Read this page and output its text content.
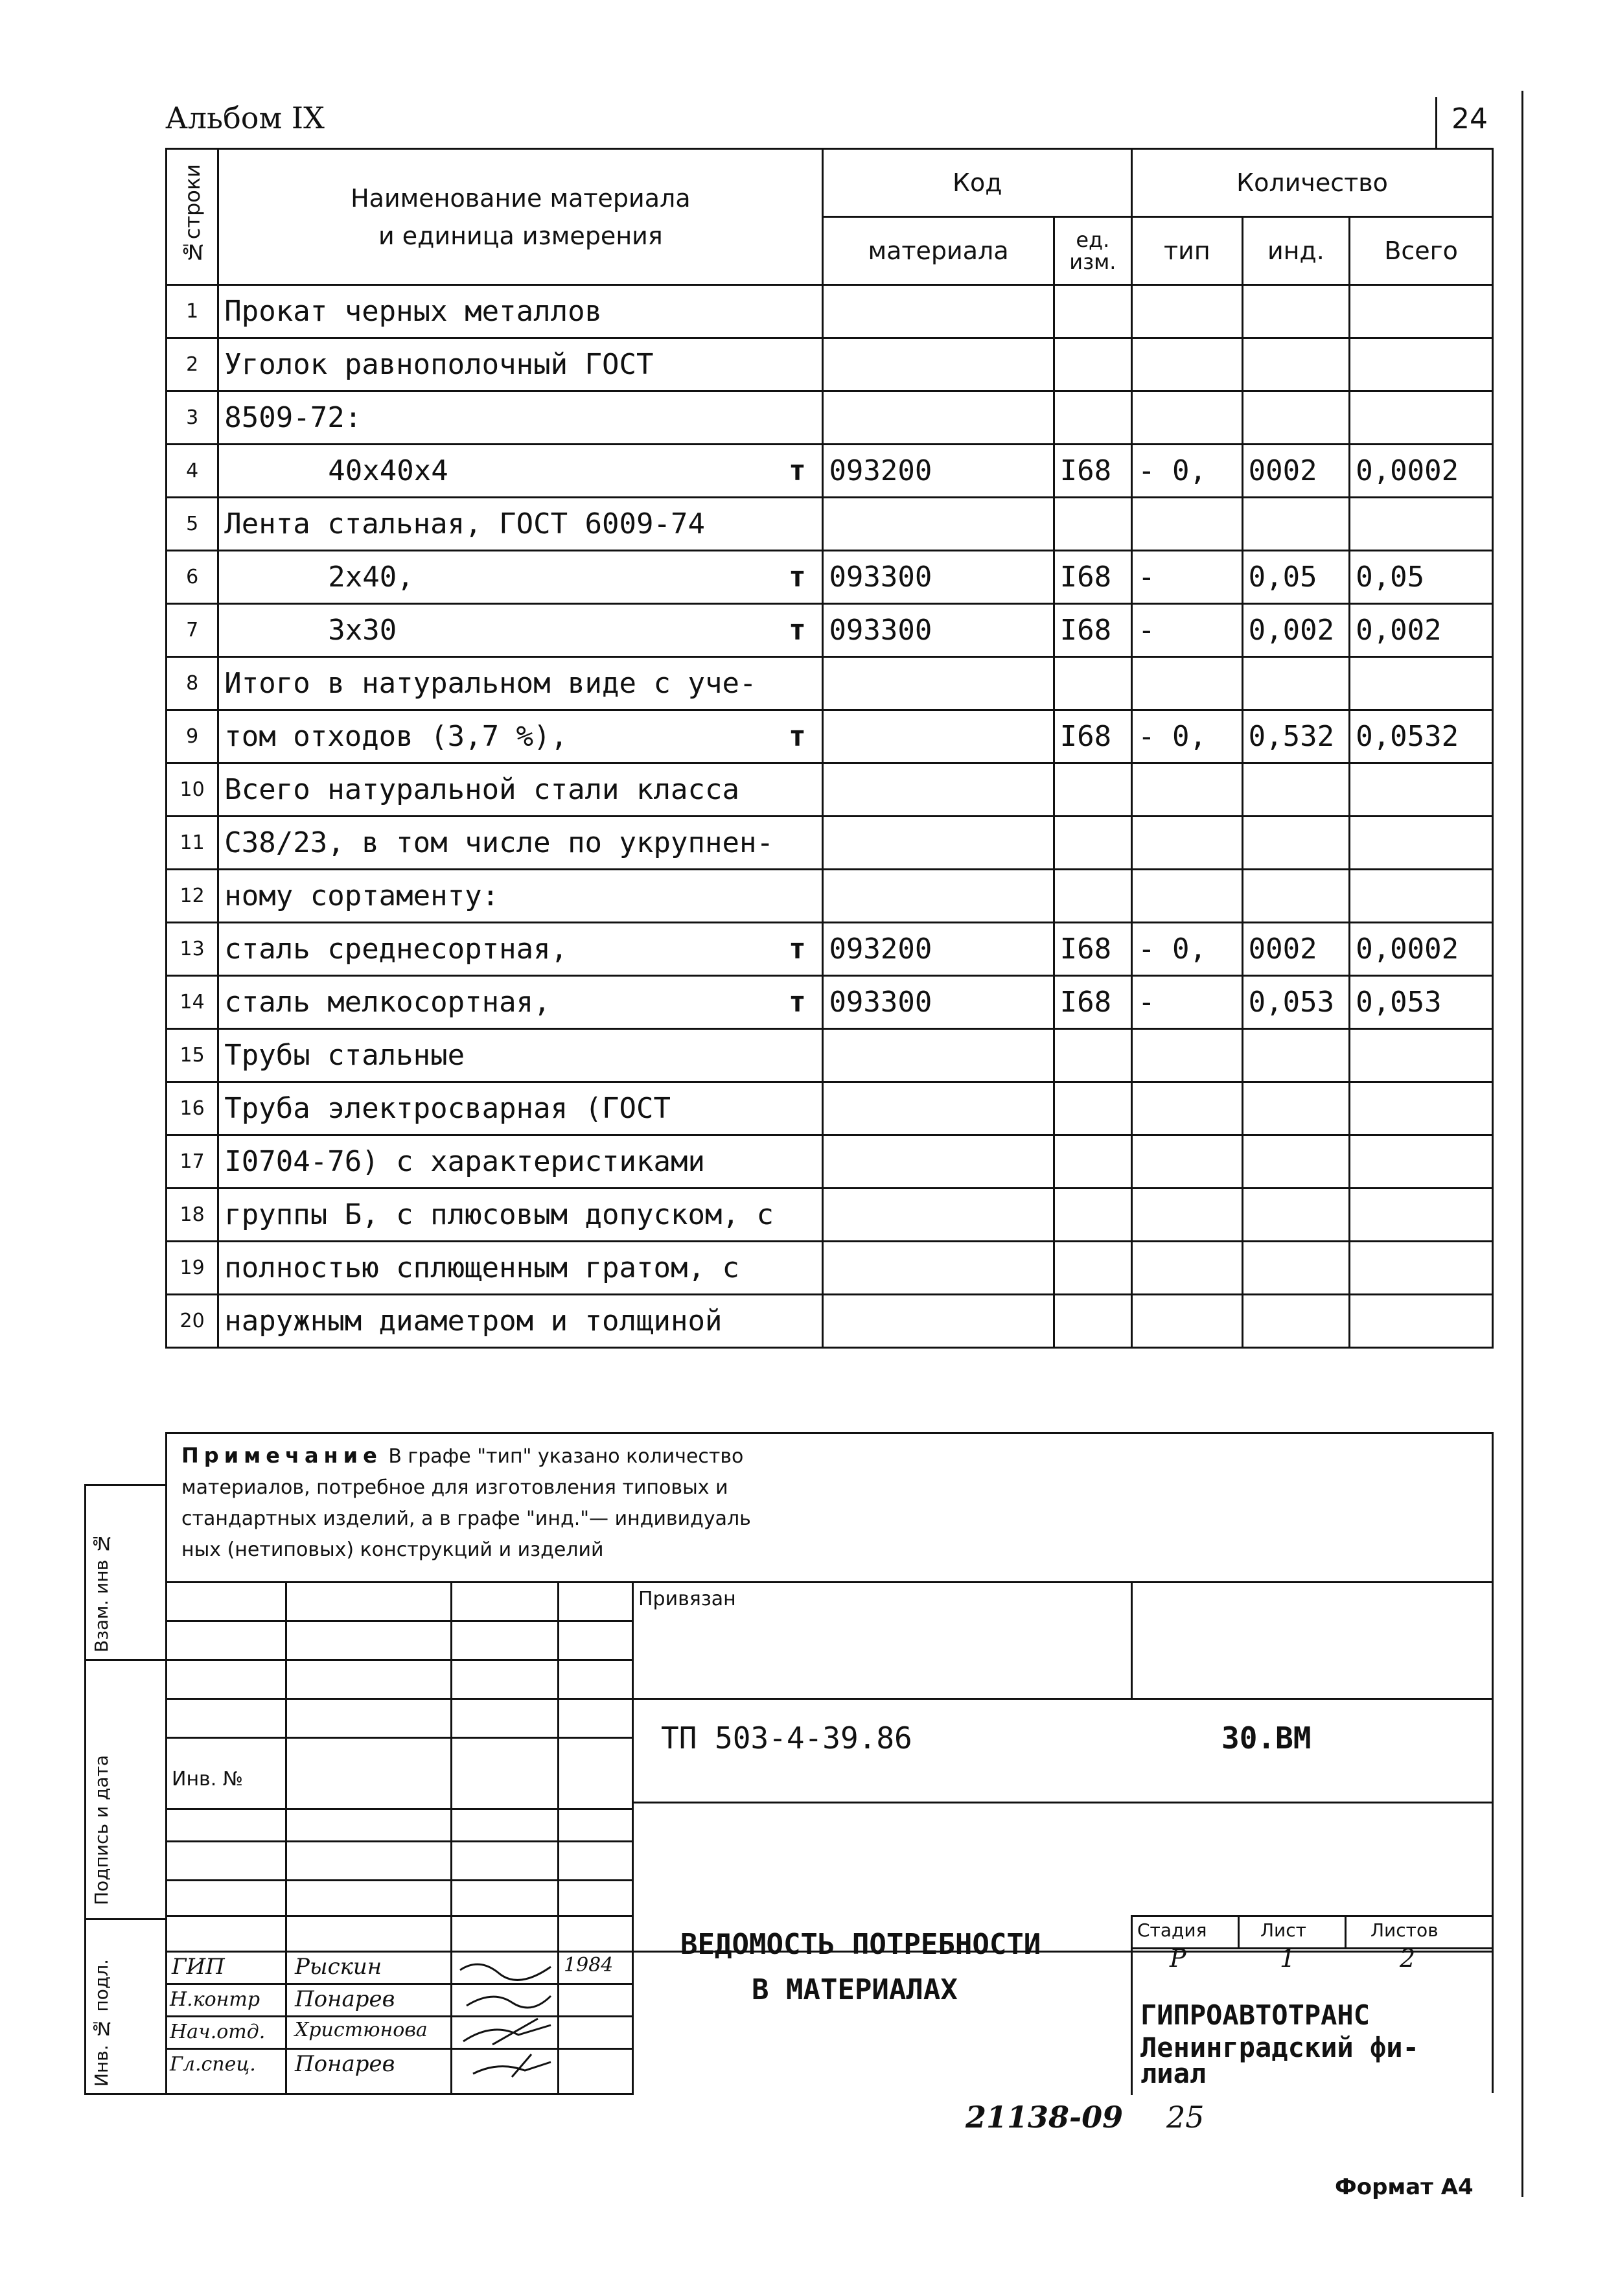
Альбом IX	24
№строки	Наименование материала
и единица измерения	Код		Количество		
		материала	ед. изм.	тип	инд.	Всего
1	Прокат черных металлов					

2	Уголок равнополочный ГОСТ					

3	8509-72:					

4	40х40х4 т	093200	I68	- 0,	0002	0,0002
5	Лента стальная, ГОСТ 6009-74					

6	2х40, т	093300	I68	-	0,05	0,05
7	3х30 т	093300	I68	-	0,002	0,002
8	Итого в натуральном виде с уче-					

9	том отходов (3,7 %), т		I68	- 0,	0,532	0,0532
10	Всего натуральной стали класса					

11	С38/23, в том числе по укрупнен-					

12	ному сортаменту:					

13	сталь среднесортная, т	093200	I68	- 0,	0002	0,0002
14	сталь мелкосортная, т	093300	I68	-	0,053	0,053
15	Трубы стальные					

16	Труба электросварная (ГОСТ					

17	I0704-76) с характеристиками					

18	группы Б, с плюсовым допуском, с					

19	полностью сплющенным гратом, с					

20	наружным диаметром и толщиной					

Примечание В графе "тип" указано количество
материалов, потребное для изготовления типовых и
стандартных изделий, а в графе "инд."— индивидуаль
ных (нетиповых) конструкций и изделий
Привязан
ТП 503-4-39.86	30.ВМ
Инв. №
ВЕДОМОСТЬ ПОТРЕБНОСТИ
В МАТЕРИАЛАХ
Стадия	Лист	Листов
Р	1	2
ГИПРОАВТОТРАНС
Ленинградский фи-
лиал
ГИП	Рыскин	1984
Н.контр Понарев
Нач.отд. Христюнова
Гл.спец. Понарев
Взам. инв №
Подпись и дата
Инв. № подл.
21138-09 25
Формат А4
